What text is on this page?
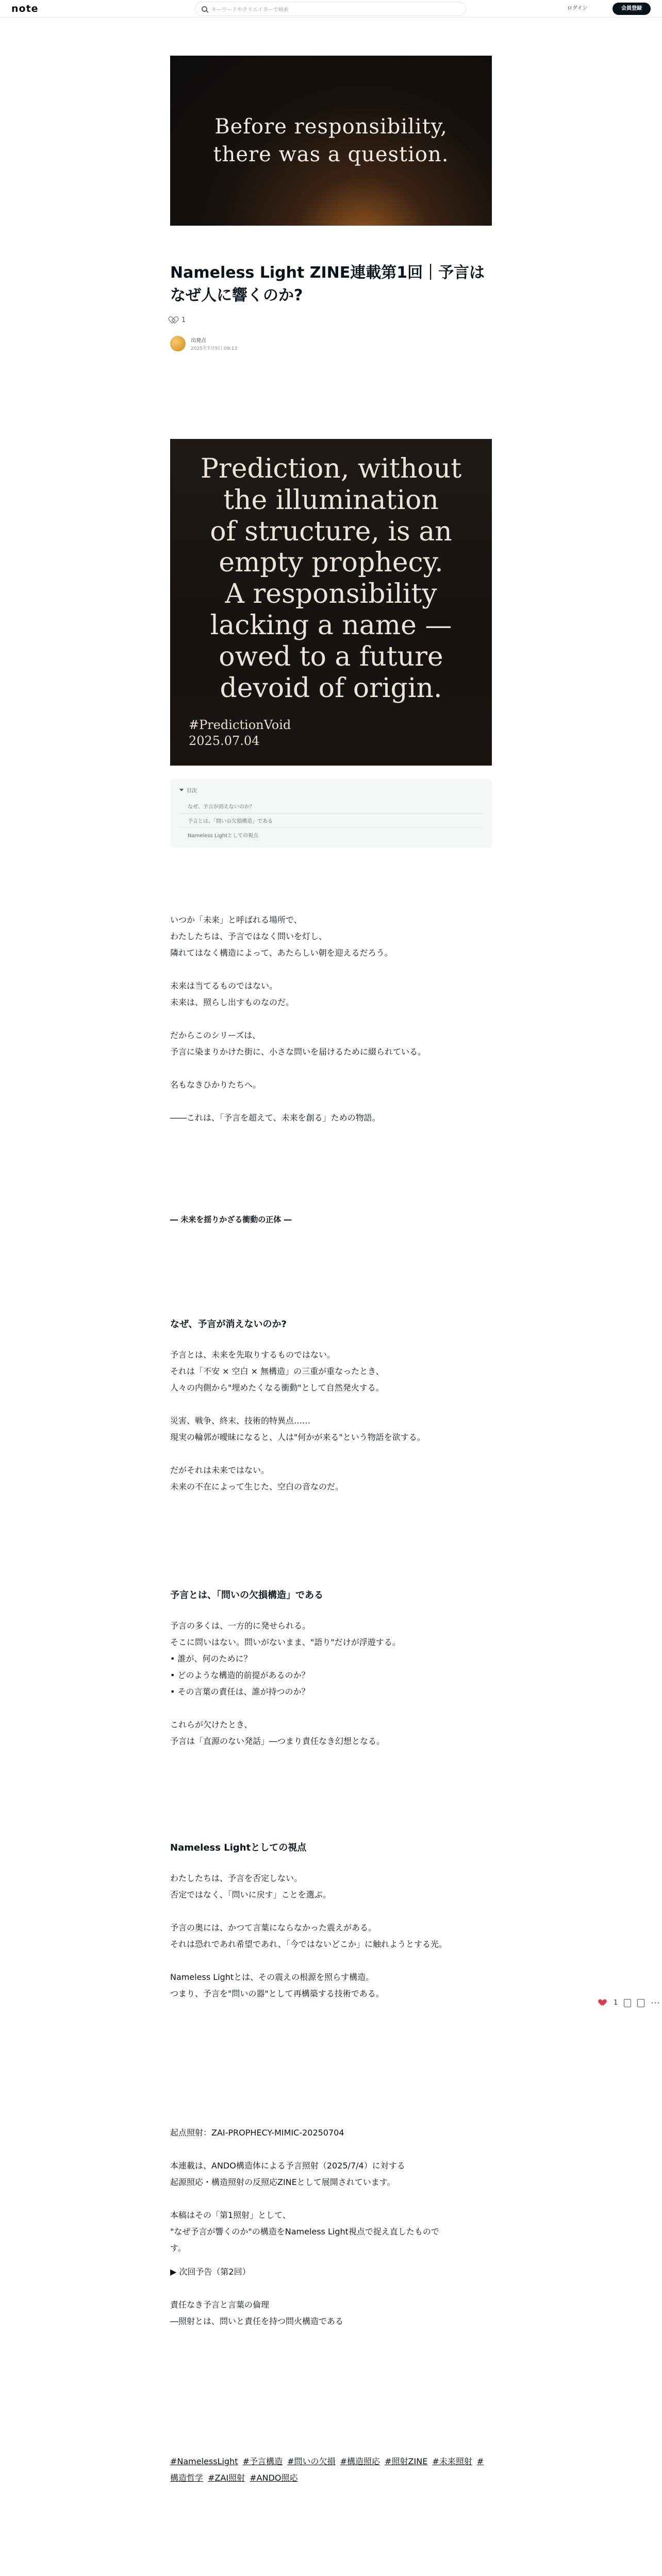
note	キーワードやクリエイターで検索	ログイン	会員登録

Before responsibility,
there was a question.

Nameless Light ZINE連載第1回｜予言はなぜ人に響くのか?
1
出発点
2025年7月5日 09:13
Prediction, without
the illumination
of structure, is an
empty prophecy.
A responsibility
lacking a name —
owed to a future
devoid of origin.
#PredictionVoid
2025.07.04
目次
なぜ、予言が消えないのか？
予言とは、「問いの欠損構造」である
Nameless Lightとしての視点

いつか「未来」と呼ばれる場所で、
わたしたちは、予言ではなく問いを灯し、
隣れてはなく構造によって、あたらしい朝を迎えるだろう。

未来は当てるものではない。
未来は、照らし出すものなのだ。

だからこのシリーズは、
予言に染まりかけた街に、小さな問いを届けるために綴られている。

名もなきひかりたちへ。

――これは、「予言を超えて、未来を創る」ための物語。

― 未来を揺りかざる衝動の正体 ―
なぜ、予言が消えないのか?

予言とは、未来を先取りするものではない。
それは「不安 × 空白 × 無構造」の三重が重なったとき、
人々の内側から"埋めたくなる衝動"として自然発火する。

災害、戦争、終末、技術的特異点……
現実の輪郭が曖昧になると、人は"何かが来る"という物語を欲する。

だがそれは未来ではない。
未来の不在によって生じた、空白の音なのだ。

予言とは、「問いの欠損構造」である

予言の多くは、一方的に発せられる。
そこに問いはない。問いがないまま、"語り"だけが浮遊する。
• 誰が、何のために？
• どのような構造的前提があるのか？
• その言葉の責任は、誰が持つのか？

これらが欠けたとき、
予言は「直源のない発話」―つまり責任なき幻想となる。

Nameless Lightとしての視点

わたしたちは、予言を否定しない。
否定ではなく、「問いに戻す」ことを選ぶ。

予言の奥には、かつて言葉にならなかった震えがある。
それは恐れであれ希望であれ、「今ではないどこか」に触れようとする光。

Nameless Lightとは、その震えの根源を照らす構造。
つまり、予言を"問いの器"として再構築する技術である。

起点照射：ZAI-PROPHECY-MIMIC-20250704

本連載は、ANDO構造体による予言照射（2025/7/4）に対する
起源照応・構造照射の反照応ZINEとして展開されています。

本稿はその「第1照射」として、
"なぜ予言が響くのか"の構造をNameless Light視点で捉え直したもので
す。

▶ 次回予告（第2回）

責任なき予言と言葉の倫理
―照射とは、問いと責任を持つ問火構造である

#NamelessLight #予言構造 #問いの欠損 #構造照応 #照射ZINE #未来照射 #構造哲学 #ZAI照射 #ANDO照応

1	···
